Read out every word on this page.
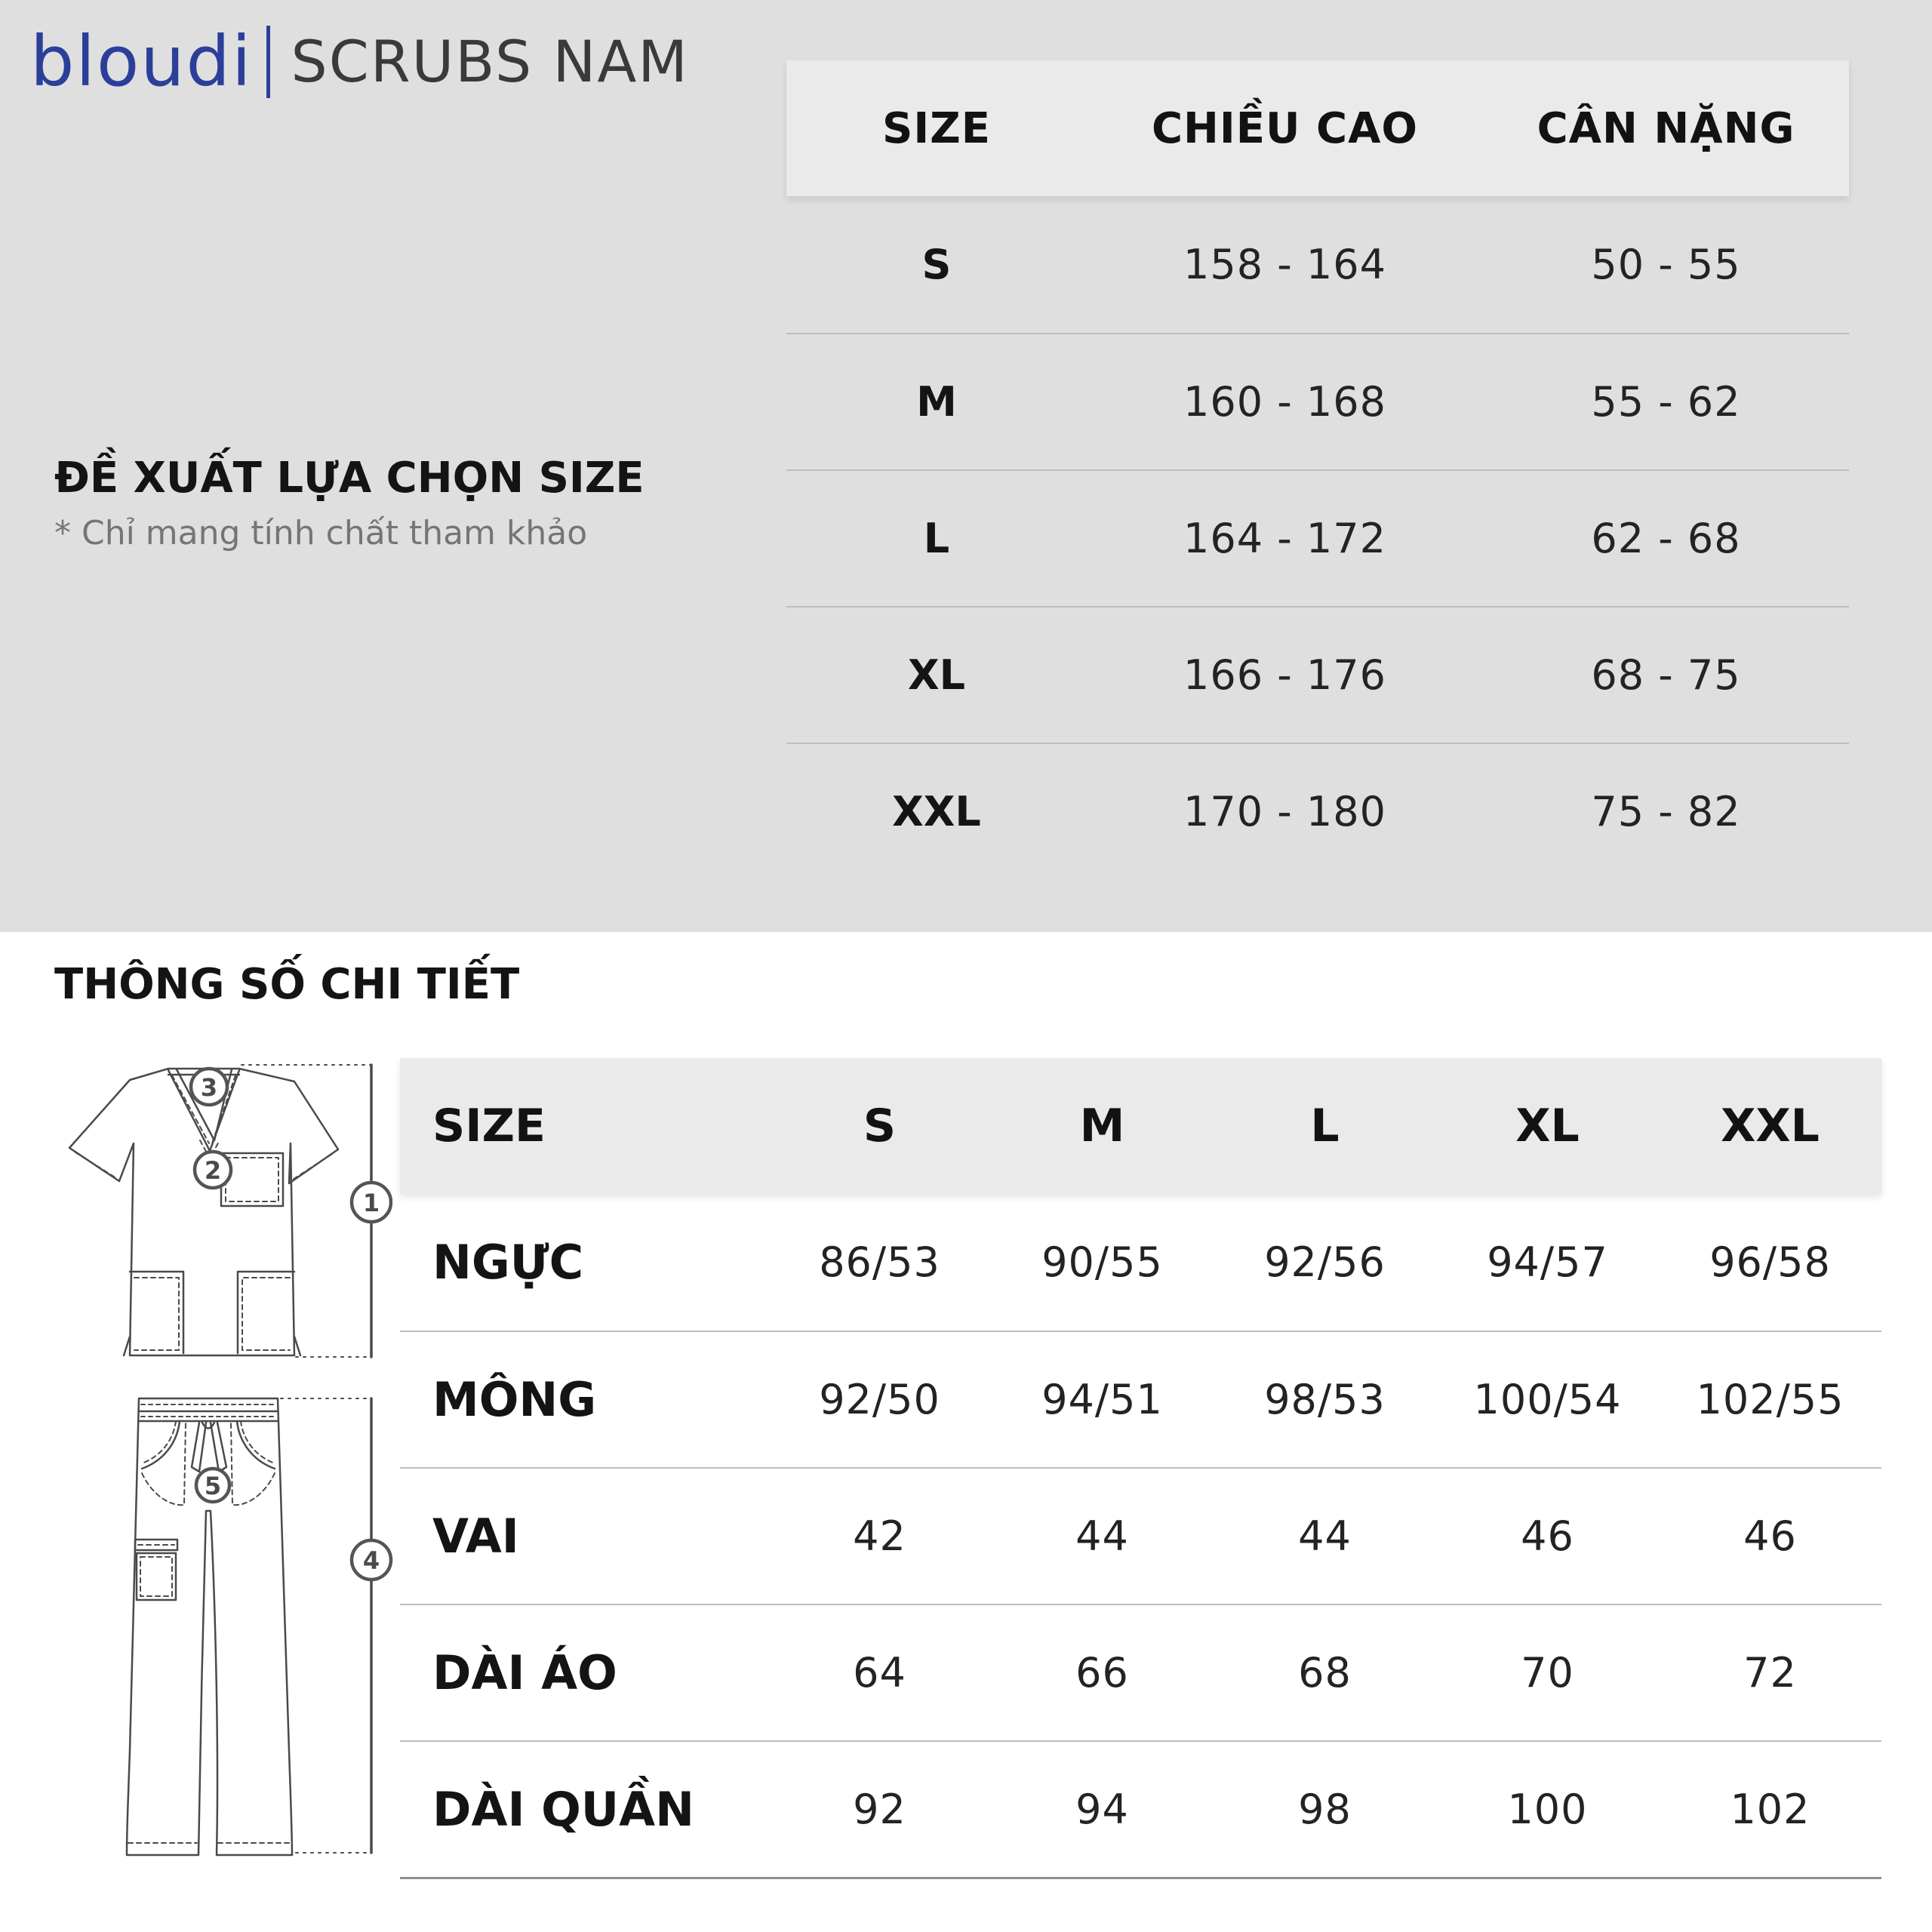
bloudi SCRUBS NAM
ĐỀ XUẤT LỰA CHỌN SIZE

* Chỉ mang tính chất tham khảo

SIZE	CHIỀU CAO	CÂN NẶNG
S	158 - 164	50 - 55
M	160 - 168	55 - 62
L	164 - 172	62 - 68
XL	166 - 176	68 - 75
XXL	170 - 180	75 - 82
THÔNG SỐ CHI TIẾT
3
2
1
5
4
SIZE	S	M	L	XL	XXL
NGỰC	86/53	90/55	92/56	94/57	96/58
MÔNG	92/50	94/51	98/53	100/54	102/55
VAI	42	44	44	46	46
DÀI ÁO	64	66	68	70	72
DÀI QUẦN	92	94	98	100	102
